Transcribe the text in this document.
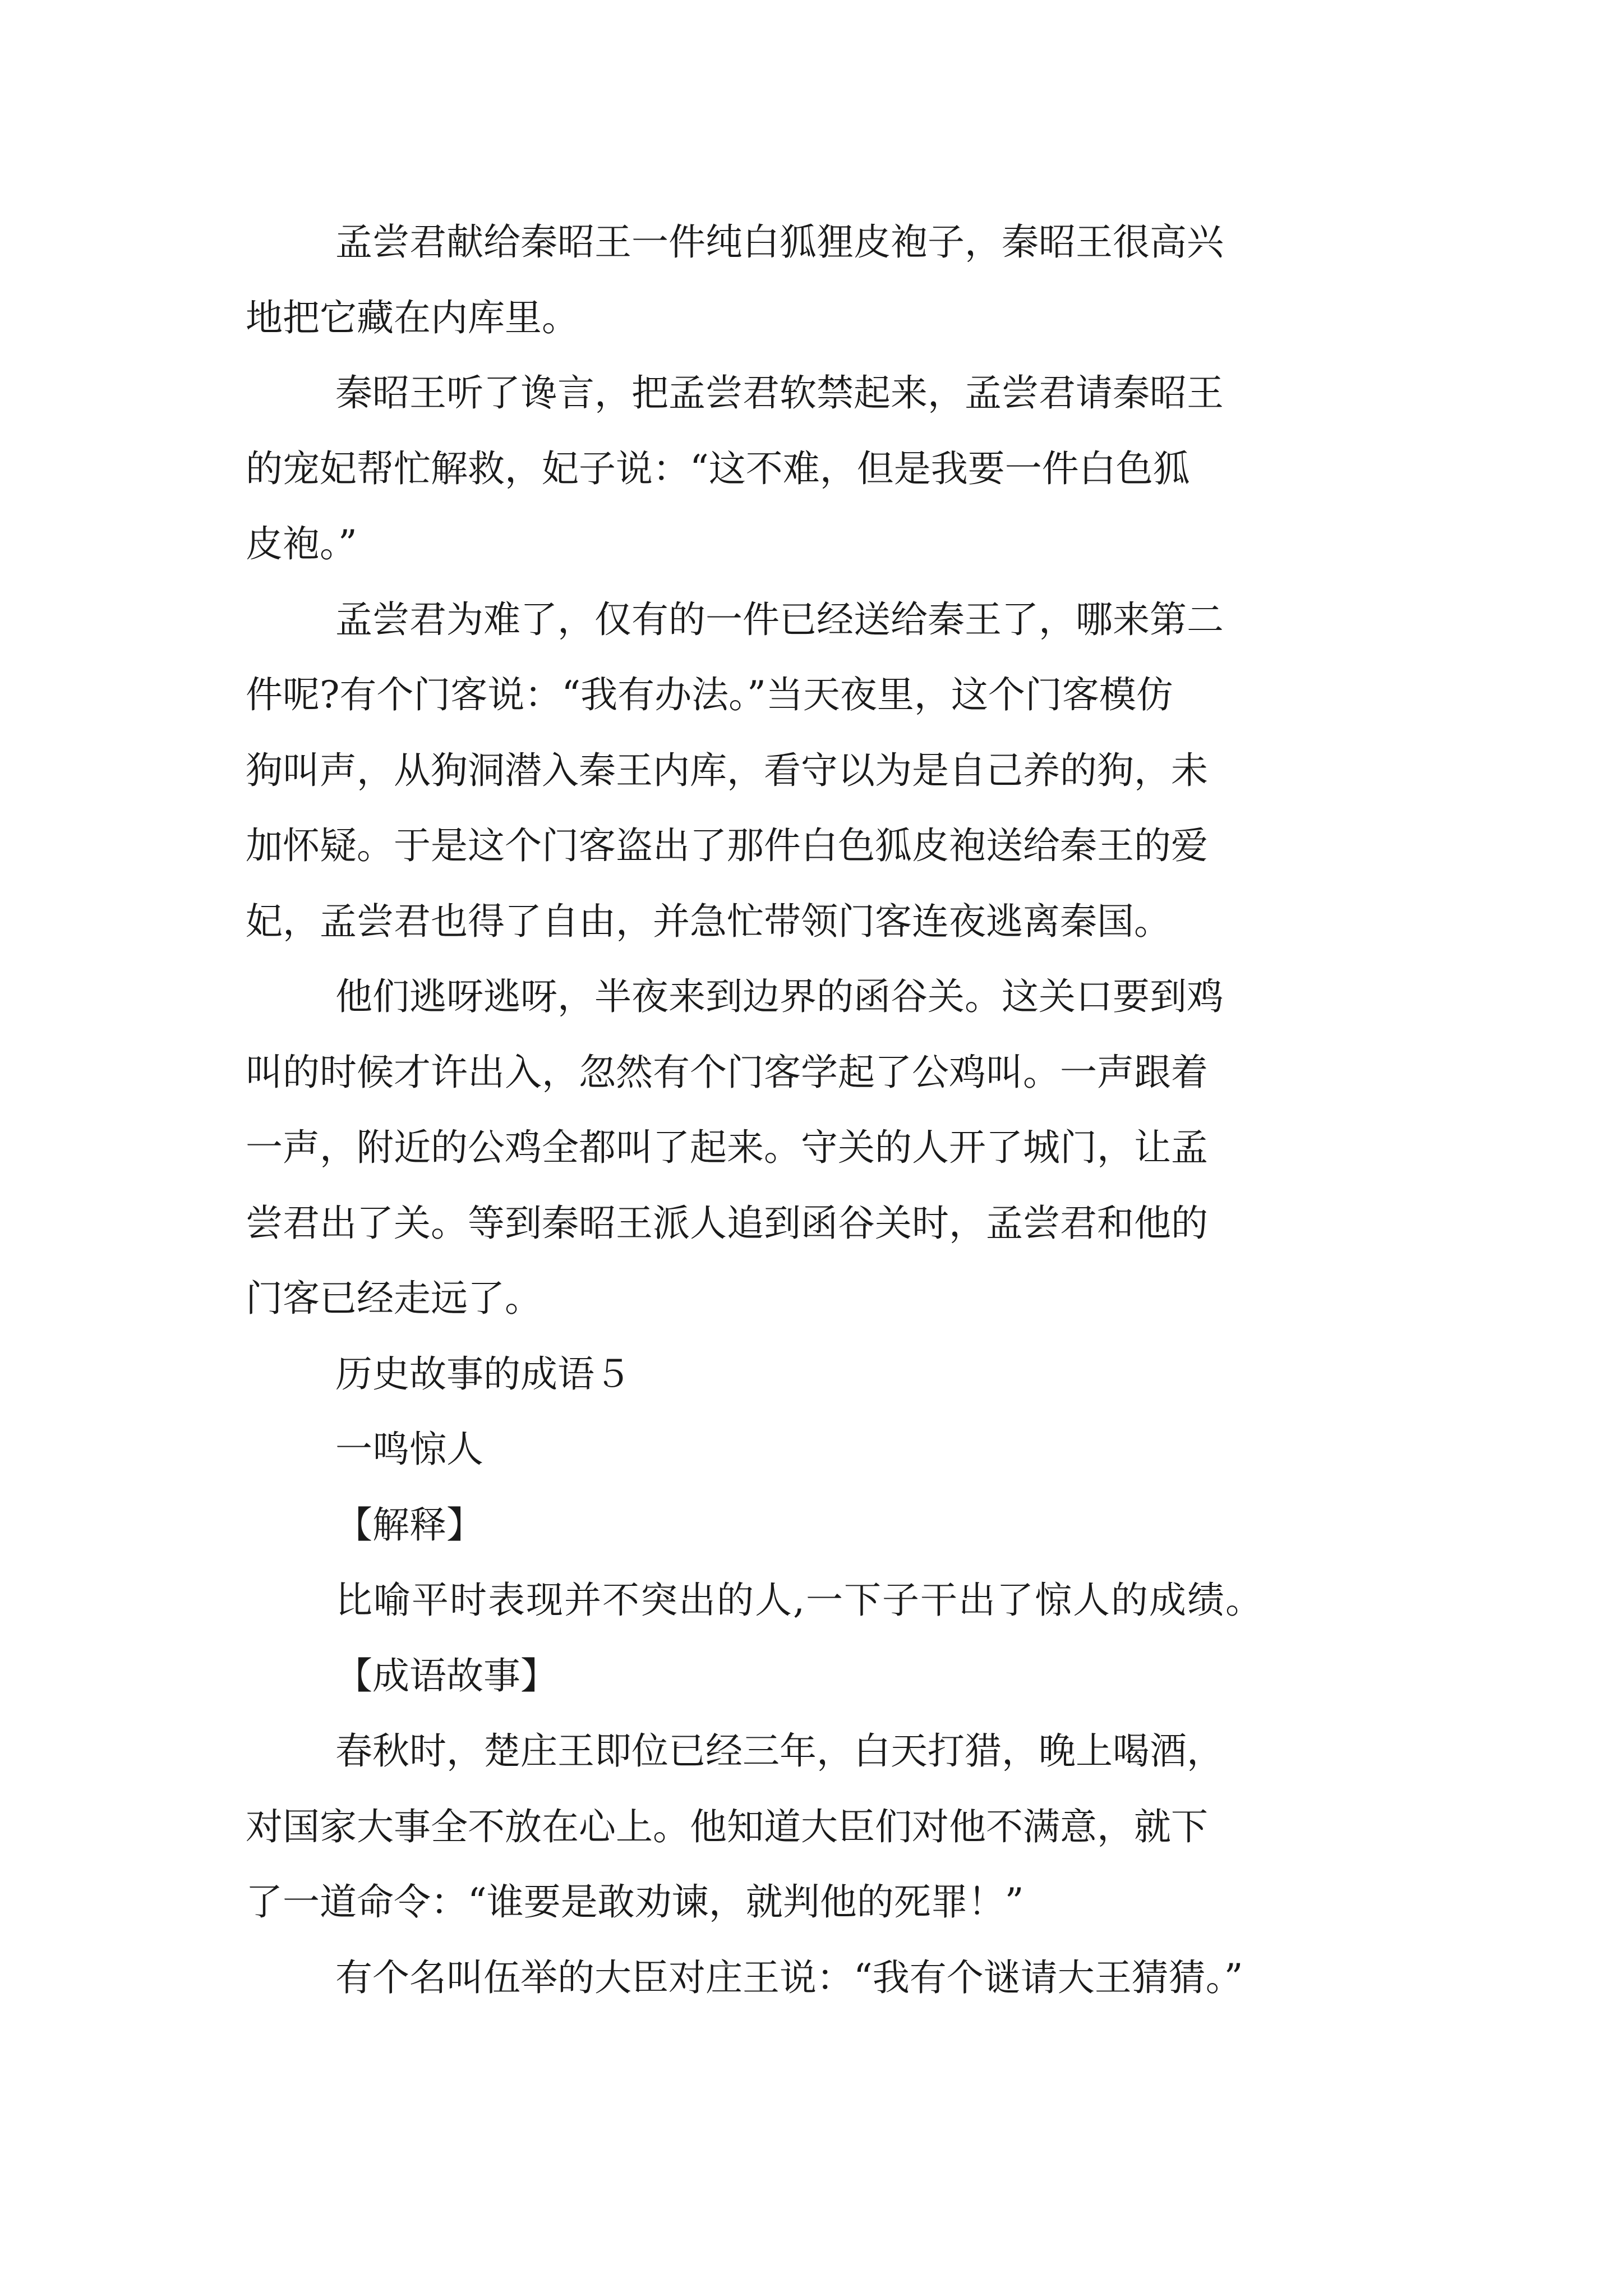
孟尝君献给秦昭王一件纯白狐狸皮袍子，秦昭王很高兴
地把它藏在内库里。
秦昭王听了谗言，把孟尝君软禁起来，孟尝君请秦昭王
的宠妃帮忙解救，妃子说：“这不难，但是我要一件白色狐
皮袍。”
孟尝君为难了，仅有的一件已经送给秦王了，哪来第二
件呢?有个门客说：“我有办法。”当天夜里，这个门客模仿
狗叫声，从狗洞潜入秦王内库，看守以为是自己养的狗，未
加怀疑。于是这个门客盗出了那件白色狐皮袍送给秦王的爱
妃，孟尝君也得了自由，并急忙带领门客连夜逃离秦国。
他们逃呀逃呀，半夜来到边界的函谷关。这关口要到鸡
叫的时候才许出入，忽然有个门客学起了公鸡叫。一声跟着
一声，附近的公鸡全都叫了起来。守关的人开了城门，让孟
尝君出了关。等到秦昭王派人追到函谷关时，孟尝君和他的
门客已经走远了。
历史故事的成语５
一鸣惊人
【解释】
比喻平时表现并不突出的人,一下子干出了惊人的成绩。
【成语故事】
春秋时，楚庄王即位已经三年，白天打猎，晚上喝酒，
对国家大事全不放在心上。他知道大臣们对他不满意，就下
了一道命令：“谁要是敢劝谏，就判他的死罪！”
有个名叫伍举的大臣对庄王说：“我有个谜请大王猜猜。”
